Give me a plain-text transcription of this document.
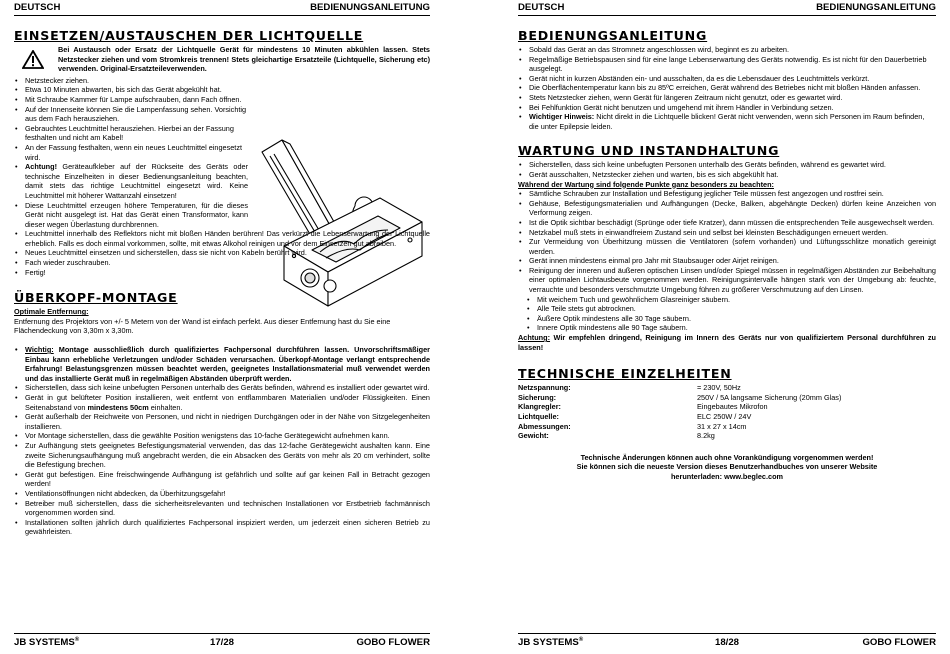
DEUTSCH	BEDIENUNGSANLEITUNG
EINSETZEN/AUSTAUSCHEN DER LICHTQUELLE
Bei Austausch oder Ersatz der Lichtquelle Gerät für mindestens 10 Minuten abkühlen lassen. Stets Netzstecker ziehen und vom Stromkreis trennen! Stets gleichartige Ersatzteile (Lichtquelle, Sicherung etc) verwenden. Original-Ersatzteileverwenden.
• Netzstecker ziehen.
• Etwa 10 Minuten abwarten, bis sich das Gerät abgekühlt hat.
• Mit Schraube Kammer für Lampe aufschrauben, dann Fach öffnen.
• Auf der Innenseite können Sie die Lampenfassung sehen. Vorsichtig aus dem Fach herausziehen.
• Gebrauchtes Leuchtmittel herausziehen. Hierbei an der Fassung festhalten und nicht am Kabel!
• An der Fassung festhalten, wenn ein neues Leuchtmittel eingesetzt wird.
• Achtung! Geräteaufkleber auf der Rückseite des Geräts oder technische Einzelheiten in dieser Bedienungsanleitung beachten, damit stets das richtige Leuchtmittel eingesetzt wird. Keine Leuchtmittel mit höherer Wattanzahl einsetzen!
• Diese Leuchtmittel erzeugen höhere Temperaturen, für die dieses Gerät nicht ausgelegt ist. Hat das Gerät einen Transformator, kann dieser wegen Überlastung durchbrennen.
• Leuchtmittel innerhalb des Reflektors nicht mit bloßen Händen berühren! Das verkürzt die Lebenserwartung der Lichtquelle erheblich. Falls es doch einmal vorkommen, sollte, mit etwas Alkohol reinigen und vor dem Einsetzen gut abreiben.
• Neues Leuchtmittel einsetzen und sicherstellen, dass sie nicht von Kabeln berührt wird.
• Fach wieder zuschrauben.
• Fertig!
ÜBERKOPF-MONTAGE

Optimale Entfernung:

Entfernung des Projektors von +/- 5 Metern von der Wand ist einfach perfekt. Aus dieser Entfernung hast du Sie eine Flächendeckung von 3,30m x 3,30m.

• Wichtig: Montage ausschließlich durch qualifiziertes Fachpersonal durchführen lassen. Unvorschriftsmäßiger Einbau kann erhebliche Verletzungen und/oder Schäden verursachen. Überkopf-Montage verlangt entsprechende Erfahrung! Belastungsgrenzen müssen beachtet werden, geeignetes Installationsmaterial muß verwendet werden und das installierte Gerät muß in regelmäßigen Abständen überprüft werden.
• Sicherstellen, dass sich keine unbefugten Personen unterhalb des Geräts befinden, während es installiert oder gewartet wird.
• Gerät in gut belüfteter Position installieren, weit entfernt von entflammbaren Materialien und/oder Flüssigkeiten. Einen Seitenabstand von mindestens 50cm einhalten.
• Gerät außerhalb der Reichweite von Personen, und nicht in niedrigen Durchgängen oder in der Nähe von Sitzgelegenheiten installieren.
• Vor Montage sicherstellen, dass die gewählte Position wenigstens das 10-fache Gerätegewicht aufnehmen kann.
• Zur Aufhängung stets geeignetes Befestigungsmaterial verwenden, das das 12-fache Gerätegewicht aushalten kann. Eine zweite Sicherungsaufhängung muß angebracht werden, die ein Absacken des Geräts von mehr als 20 cm verhindert, sollte die Befestigung brechen.
• Gerät gut befestigen. Eine freischwingende Aufhängung ist gefährlich und sollte auf gar keinen Fall in Betracht gezogen werden!
• Ventilationsöffnungen nicht abdecken, da Überhitzungsgefahr!
• Betreiber muß sicherstellen, dass die sicherheitsrelevanten und technischen Installationen vor Erstbetrieb fachmännisch vorgenommen worden sind.
• Installationen sollten jährlich durch qualifiziertes Fachpersonal inspiziert werden, um jederzeit einen sicheren Betrieb zu gewährleisten.
JB SYSTEMS®	17/28	GOBO FLOWER
DEUTSCH	BEDIENUNGSANLEITUNG
BEDIENUNGSANLEITUNG
• Sobald das Gerät an das Stromnetz angeschlossen wird, beginnt es zu arbeiten.
• Regelmäßige Betriebspausen sind für eine lange Lebenserwartung des Geräts notwendig. Es ist nicht für den Dauerbetrieb ausgelegt.
• Gerät nicht in kurzen Abständen ein- und ausschalten, da es die Lebensdauer des Leuchtmittels verkürzt.
• Die Oberflächentemperatur kann bis zu 85ºC erreichen, Gerät während des Betriebes nicht mit bloßen Händen anfassen.
• Stets Netzstecker ziehen, wenn Gerät für längeren Zeitraum nicht genutzt, oder es gewartet wird.
• Bei Fehlfunktion Gerät nicht benutzen und umgehend mit ihrem Händler in Verbindung setzen.
• Wichtiger Hinweis: Nicht direkt in die Lichtquelle blicken! Gerät nicht verwenden, wenn sich Personen im Raum befinden, die unter Epilepsie leiden.
WARTUNG UND INSTANDHALTUNG
• Sicherstellen, dass sich keine unbefugten Personen unterhalb des Geräts befinden, während es gewartet wird.
• Gerät ausschalten, Netzstecker ziehen und warten, bis es sich abgekühlt hat.

Während der Wartung sind folgende Punkte ganz besonders zu beachten:

• Sämtliche Schrauben zur Installation und Befestigung jeglicher Teile müssen fest angezogen und rostfrei sein.
• Gehäuse, Befestigungsmaterialien und Aufhängungen (Decke, Balken, abgehängte Decken) dürfen keine Anzeichen von Verformung zeigen.
• Ist die Optik sichtbar beschädigt (Sprünge oder tiefe Kratzer), dann müssen die entsprechenden Teile ausgewechselt werden.
• Netzkabel muß stets in einwandfreiem Zustand sein und selbst bei kleinsten Beschädigungen erneuert werden.
• Zur Vermeidung von Überhitzung müssen die Ventilatoren (sofern vorhanden) und Lüftungsschlitze monatlich gereinigt werden.
• Gerät innen mindestens einmal pro Jahr mit Staubsauger oder Airjet reinigen.
• Reinigung der inneren und äußeren optischen Linsen und/oder Spiegel müssen in regelmäßigen Abständen zur Beibehaltung einer optimalen Lichtausbeute vorgenommen werden. Reinigungsintervalle hängen stark von der Umgebung ab: feuchte, verrauchte und besonders verschmutzte Umgebung führen zu größerer Verschmutzung auf den Linsen.
• Mit weichem Tuch und gewöhnlichem Glasreiniger säubern.
• Alle Teile stets gut abtrocknen.
• Äußere Optik mindestens alle 30 Tage säubern.
• Innere Optik mindestens alle 90 Tage säubern.

Achtung: Wir empfehlen dringend, Reinigung im Innern des Geräts nur von qualifiziertem Personal durchführen zu lassen!

TECHNISCHE EINZELHEITEN
Netzspannung:	= 230V, 50Hz
Sicherung:	250V / 5A langsame Sicherung (20mm Glas)
Klangregler:	Eingebautes Mikrofon
Lichtquelle:	ELC 250W / 24V
Abmessungen:	31 x 27 x 14cm
Gewicht:	8.2kg

Technische Änderungen können auch ohne Vorankündigung vorgenommen werden!

Sie können sich die neueste Version dieses Benutzerhandbuches von unserer Website herunterladen: www.beglec.com

JB SYSTEMS®	18/28	GOBO FLOWER
